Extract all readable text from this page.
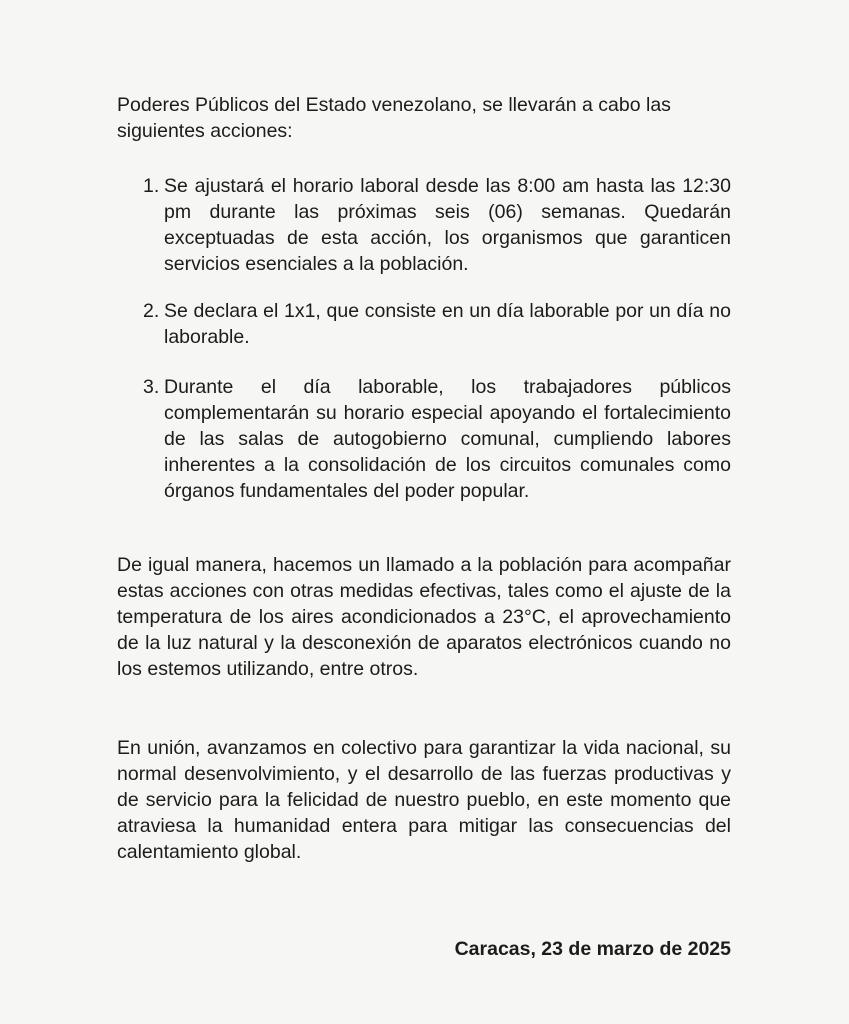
Poderes Públicos del Estado venezolano, se llevarán a cabo las siguientes acciones:

1. Se ajustará el horario laboral desde las 8:00 am hasta las 12:30 pm durante las próximas seis (06) semanas. Quedarán exceptuadas de esta acción, los organismos que garanticen servicios esenciales a la población.
2. Se declara el 1x1, que consiste en un día laborable por un día no laborable.
3. Durante el día laborable, los trabajadores públicos complementarán su horario especial apoyando el fortalecimiento de las salas de autogobierno comunal, cumpliendo labores inherentes a la consolidación de los circuitos comunales como órganos fundamentales del poder popular.

De igual manera, hacemos un llamado a la población para acompañar estas acciones con otras medidas efectivas, tales como el ajuste de la temperatura de los aires acondicionados a 23°C, el aprovechamiento de la luz natural y la desconexión de aparatos electrónicos cuando no los estemos utilizando, entre otros.

En unión, avanzamos en colectivo para garantizar la vida nacional, su normal desenvolvimiento, y el desarrollo de las fuerzas productivas y de servicio para la felicidad de nuestro pueblo, en este momento que atraviesa la humanidad entera para mitigar las consecuencias del calentamiento global.

Caracas, 23 de marzo de 2025
